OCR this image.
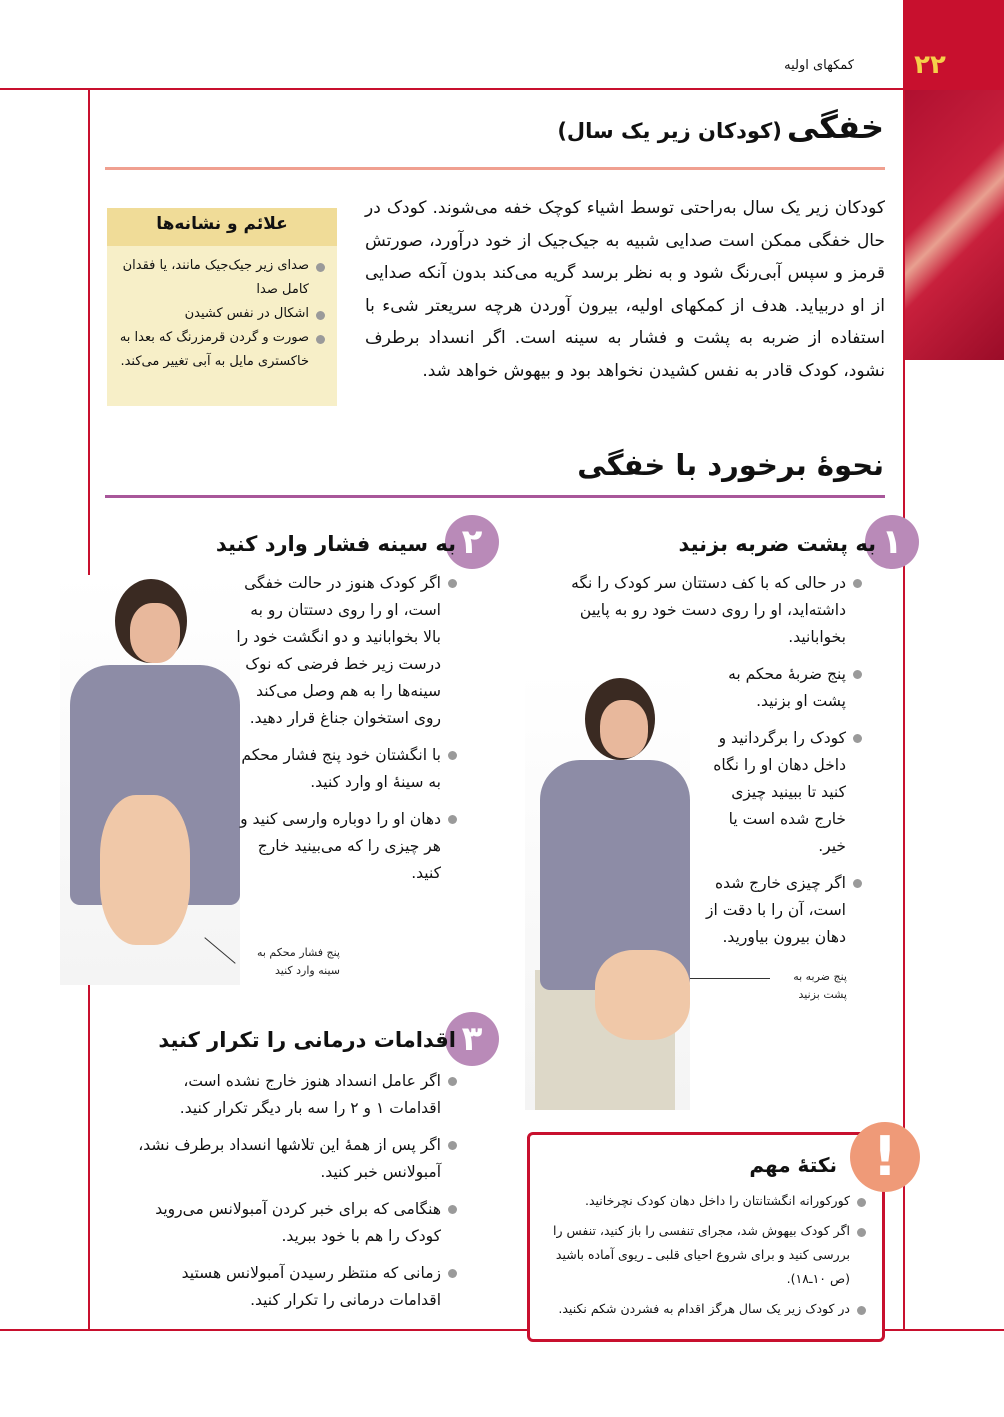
۲۲
کمکهای اولیه
خفگی (کودکان زیر یک سال)
کودکان زیر یک سال به‌راحتی توسط اشیاء کوچک خفه می‌شوند. کودک در حال خفگی ممکن است صدایی شبیه به جیک‌جیک از خود درآورد، صورتش قرمز و سپس آبی‌رنگ شود و به نظر برسد گریه می‌کند بدون آنکه صدایی از او دربیاید. هدف از کمکهای اولیه، بیرون آوردن هرچه سریعتر شیء با استفاده از ضربه به پشت و فشار به سینه است. اگر انسداد برطرف نشود، کودک قادر به نفس کشیدن نخواهد بود و بیهوش خواهد شد.
علائم و نشانه‌ها
صدای زیر جیک‌جیک مانند، یا فقدان کامل صدا
اشکال در نفس کشیدن
صورت و گردن قرمزرنگ که بعدا به خاکستری مایل به آبی تغییر می‌کند.
نحوهٔ برخورد با خفگی
۱
به پشت ضربه بزنید
در حالی که با کف دستتان سر کودک را نگه داشته‌اید، او را روی دست خود رو به پایین بخوابانید.
پنج ضربهٔ محکم به پشت او بزنید.
کودک را برگردانید و داخل دهان او را نگاه کنید تا ببینید چیزی خارج شده است یا خیر.
اگر چیزی خارج شده است، آن را با دقت از دهان بیرون بیاورید.
پنج ضربه به پشت بزنید
۲
به سینه فشار وارد کنید
اگر کودک هنوز در حالت خفگی است، او را روی دستتان رو به بالا بخوابانید و دو انگشت خود را درست زیر خط فرضی که نوک سینه‌ها را به هم وصل می‌کند روی استخوان جناغ قرار دهید.
با انگشتان خود پنج فشار محکم به سینهٔ او وارد کنید.
دهان او را دوباره وارسی کنید و هر چیزی را که می‌بینید خارج کنید.
پنج فشار محکم به سینه وارد کنید
۳
اقدامات درمانی را تکرار کنید
اگر عامل انسداد هنوز خارج نشده است، اقدامات ۱ و ۲ را سه بار دیگر تکرار کنید.
اگر پس از همهٔ این تلاشها انسداد برطرف نشد، آمبولانس خبر کنید.
هنگامی که برای خبر کردن آمبولانس می‌روید کودک را هم با خود ببرید.
زمانی که منتظر رسیدن آمبولانس هستید اقدامات درمانی را تکرار کنید.
نکتهٔ مهم
کورکورانه انگشتانتان را داخل دهان کودک نچرخانید.
اگر کودک بیهوش شد، مجرای تنفسی را باز کنید، تنفس را بررسی کنید و برای شروع احیای قلبی ـ ریوی آماده باشید (ص ۱۰ـ۱۸).
در کودک زیر یک سال هرگز اقدام به فشردن شکم نکنید.
!
